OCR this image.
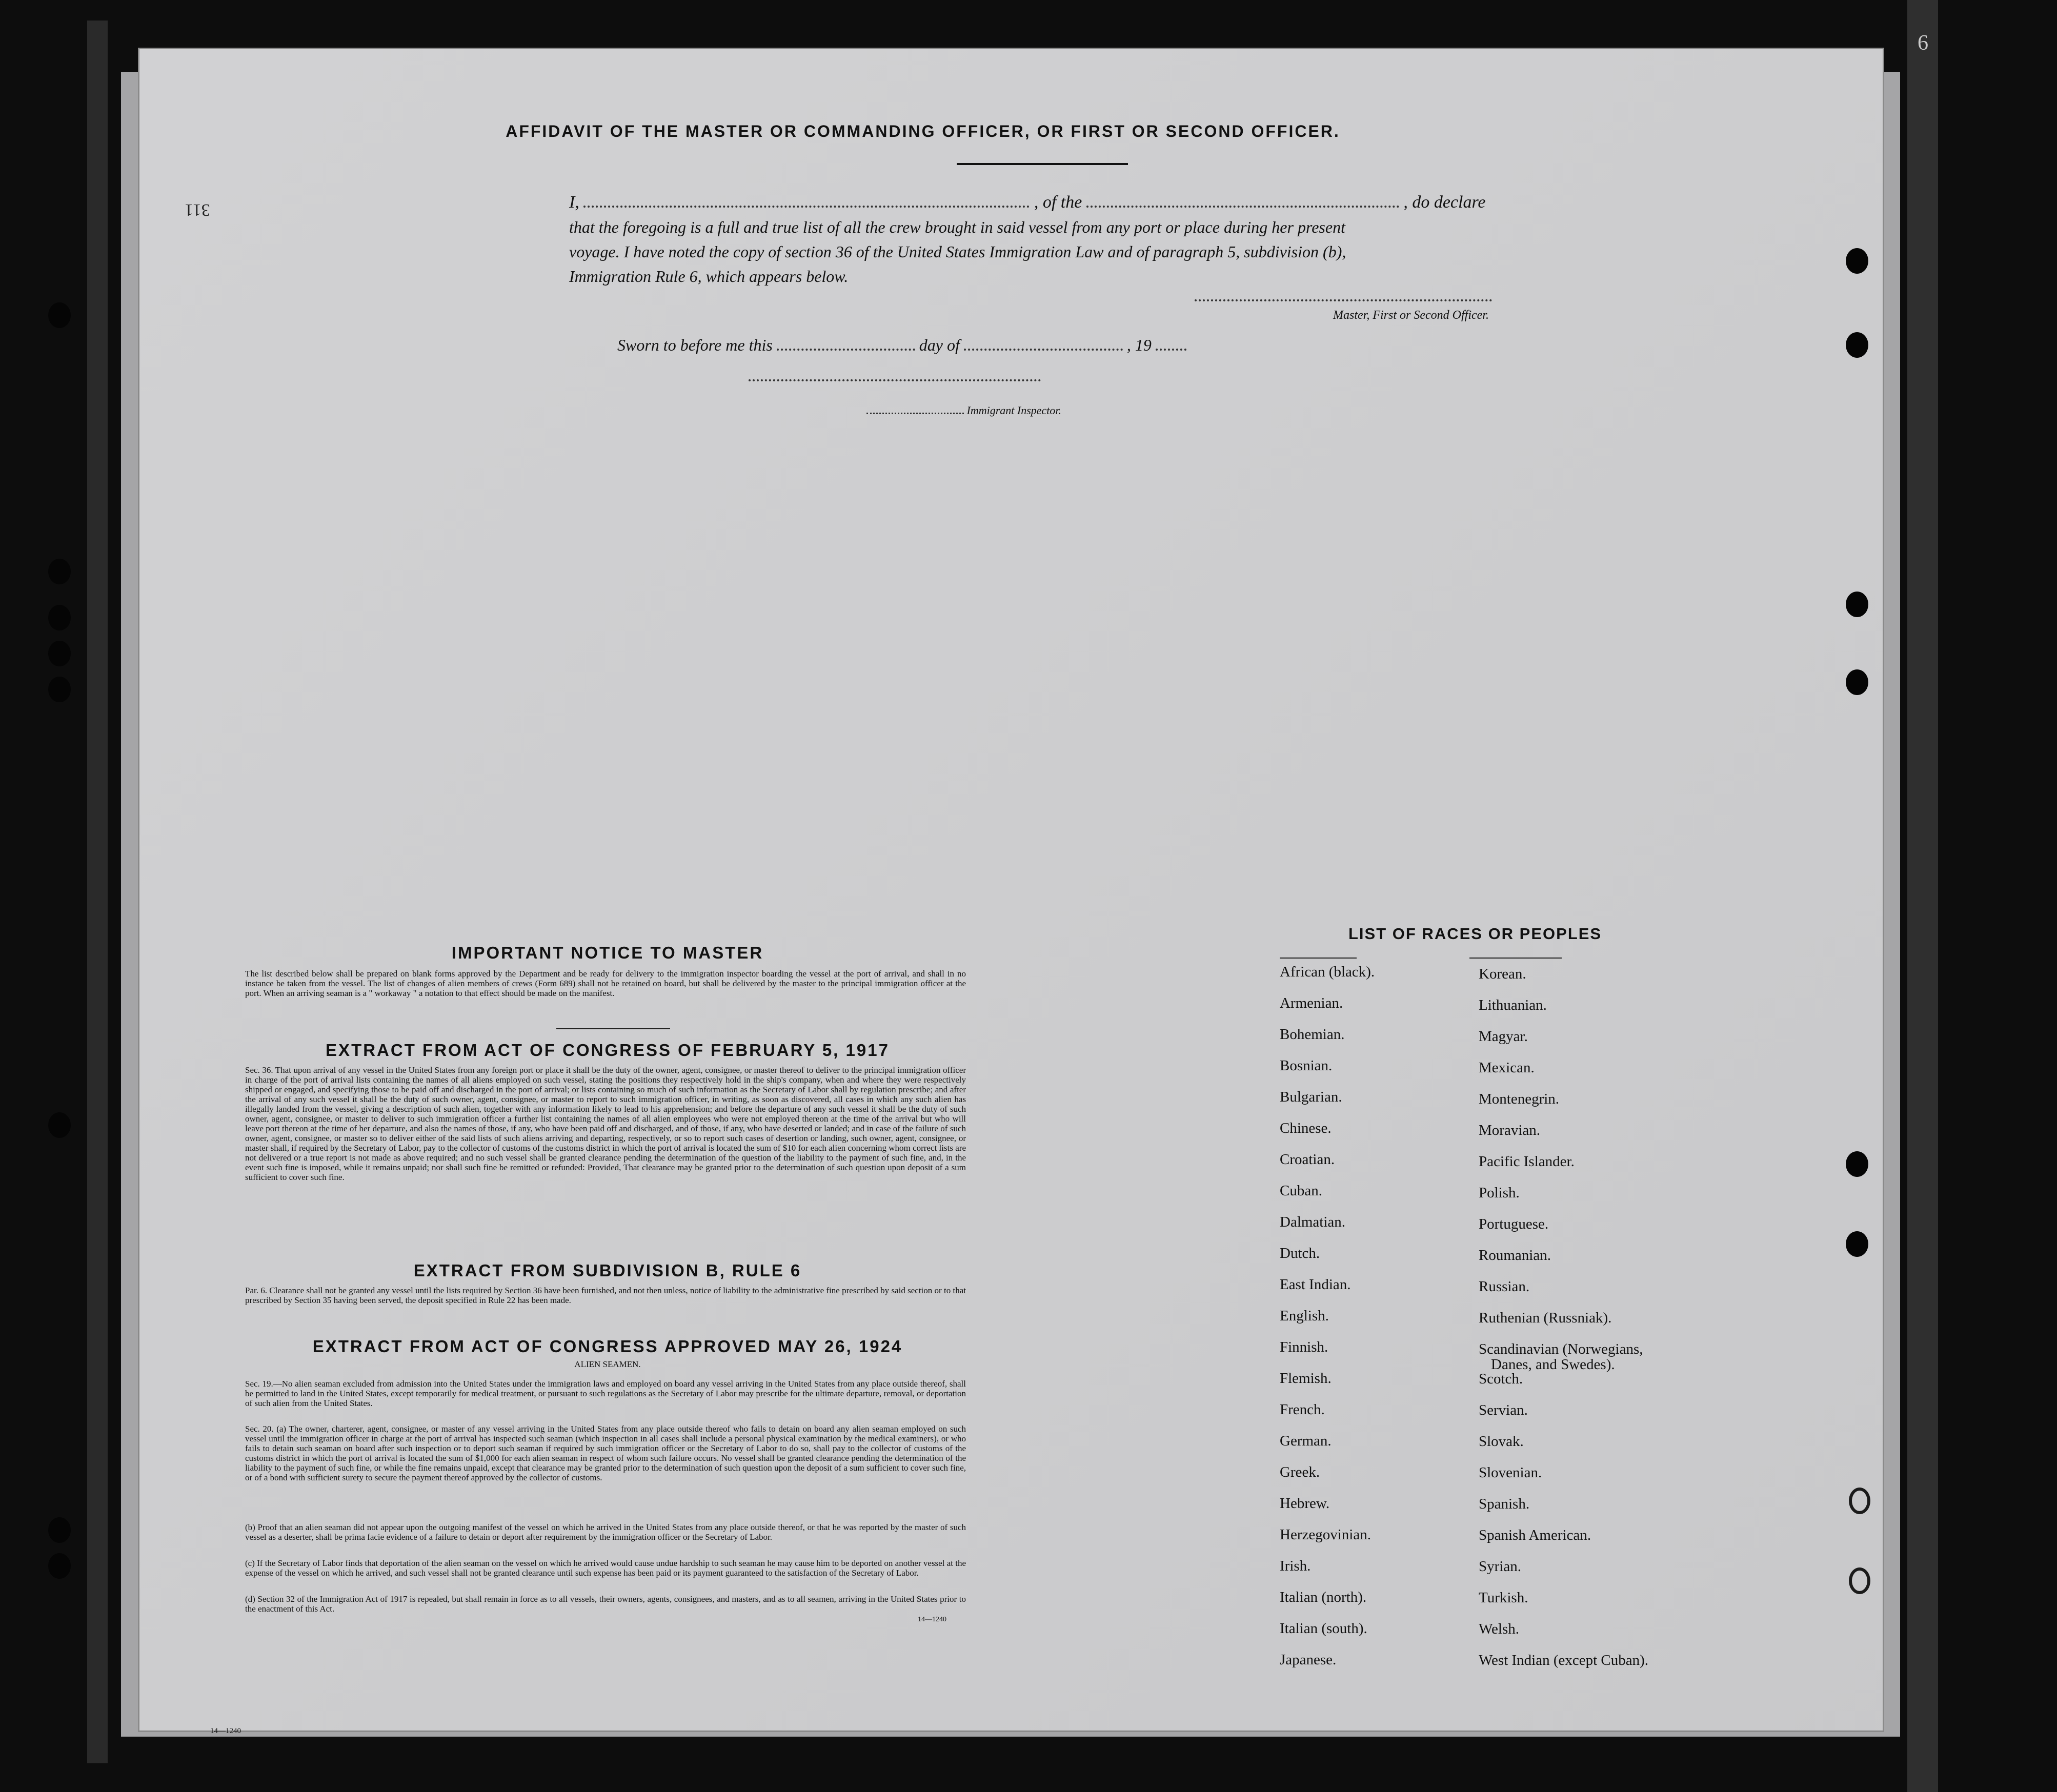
311
6
AFFIDAVIT OF THE MASTER OR COMMANDING OFFICER, OR FIRST OR SECOND OFFICER.
I,	, of the	, do declare
that the foregoing is a full and true list of all the crew brought in said vessel from any port or place during her present
voyage. I have noted the copy of section 36 of the United States Immigration Law and of paragraph 5, subdivision (b),
Immigration Rule 6, which appears below.
Master, First or Second Officer.
Sworn to before me this	day of	, 19
Immigrant Inspector.
IMPORTANT NOTICE TO MASTER
The list described below shall be prepared on blank forms approved by the Department and be ready for delivery to the immigration inspector boarding the vessel at the port of arrival, and shall in no instance be taken from the vessel. The list of changes of alien members of crews (Form 689) shall not be retained on board, but shall be delivered by the master to the principal immigration officer at the port. When an arriving seaman is a " workaway " a notation to that effect should be made on the manifest.
EXTRACT FROM ACT OF CONGRESS OF FEBRUARY 5, 1917
Sec. 36. That upon arrival of any vessel in the United States from any foreign port or place it shall be the duty of the owner, agent, consignee, or master thereof to deliver to the principal immigration officer in charge of the port of arrival lists containing the names of all aliens employed on such vessel, stating the positions they respectively hold in the ship's company, when and where they were respectively shipped or engaged, and specifying those to be paid off and discharged in the port of arrival; or lists containing so much of such information as the Secretary of Labor shall by regulation prescribe; and after the arrival of any such vessel it shall be the duty of such owner, agent, consignee, or master to report to such immigration officer, in writing, as soon as discovered, all cases in which any such alien has illegally landed from the vessel, giving a description of such alien, together with any information likely to lead to his apprehension; and before the departure of any such vessel it shall be the duty of such owner, agent, consignee, or master to deliver to such immigration officer a further list containing the names of all alien employees who were not employed thereon at the time of the arrival but who will leave port thereon at the time of her departure, and also the names of those, if any, who have been paid off and discharged, and of those, if any, who have deserted or landed; and in case of the failure of such owner, agent, consignee, or master so to deliver either of the said lists of such aliens arriving and departing, respectively, or so to report such cases of desertion or landing, such owner, agent, consignee, or master shall, if required by the Secretary of Labor, pay to the collector of customs of the customs district in which the port of arrival is located the sum of $10 for each alien concerning whom correct lists are not delivered or a true report is not made as above required; and no such vessel shall be granted clearance pending the determination of the question of the liability to the payment of such fine, and, in the event such fine is imposed, while it remains unpaid; nor shall such fine be remitted or refunded: Provided, That clearance may be granted prior to the determination of such question upon deposit of a sum sufficient to cover such fine.
EXTRACT FROM SUBDIVISION B, RULE 6
Par. 6. Clearance shall not be granted any vessel until the lists required by Section 36 have been furnished, and not then unless, notice of liability to the administrative fine prescribed by said section or to that prescribed by Section 35 having been served, the deposit specified in Rule 22 has been made.
EXTRACT FROM ACT OF CONGRESS APPROVED MAY 26, 1924
ALIEN SEAMEN.
Sec. 19.—No alien seaman excluded from admission into the United States under the immigration laws and employed on board any vessel arriving in the United States from any place outside thereof, shall be permitted to land in the United States, except temporarily for medical treatment, or pursuant to such regulations as the Secretary of Labor may prescribe for the ultimate departure, removal, or deportation of such alien from the United States.
Sec. 20. (a) The owner, charterer, agent, consignee, or master of any vessel arriving in the United States from any place outside thereof who fails to detain on board any alien seaman employed on such vessel until the immigration officer in charge at the port of arrival has inspected such seaman (which inspection in all cases shall include a personal physical examination by the medical examiners), or who fails to detain such seaman on board after such inspection or to deport such seaman if required by such immigration officer or the Secretary of Labor to do so, shall pay to the collector of customs of the customs district in which the port of arrival is located the sum of $1,000 for each alien seaman in respect of whom such failure occurs. No vessel shall be granted clearance pending the determination of the liability to the payment of such fine, or while the fine remains unpaid, except that clearance may be granted prior to the determination of such question upon the deposit of a sum sufficient to cover such fine, or of a bond with sufficient surety to secure the payment thereof approved by the collector of customs.
(b) Proof that an alien seaman did not appear upon the outgoing manifest of the vessel on which he arrived in the United States from any place outside thereof, or that he was reported by the master of such vessel as a deserter, shall be prima facie evidence of a failure to detain or deport after requirement by the immigration officer or the Secretary of Labor.
(c) If the Secretary of Labor finds that deportation of the alien seaman on the vessel on which he arrived would cause undue hardship to such seaman he may cause him to be deported on another vessel at the expense of the vessel on which he arrived, and such vessel shall not be granted clearance until such expense has been paid or its payment guaranteed to the satisfaction of the Secretary of Labor.
(d) Section 32 of the Immigration Act of 1917 is repealed, but shall remain in force as to all vessels, their owners, agents, consignees, and masters, and as to all seamen, arriving in the United States prior to the enactment of this Act.
14—1240
14—1240
LIST OF RACES OR PEOPLES
African (black).
Armenian.
Bohemian.
Bosnian.
Bulgarian.
Chinese.
Croatian.
Cuban.
Dalmatian.
Dutch.
East Indian.
English.
Finnish.
Flemish.
French.
German.
Greek.
Hebrew.
Herzegovinian.
Irish.
Italian (north).
Italian (south).
Japanese.
Korean.
Lithuanian.
Magyar.
Mexican.
Montenegrin.
Moravian.
Pacific Islander.
Polish.
Portuguese.
Roumanian.
Russian.
Ruthenian (Russniak).
Scandinavian (Norwegians,
Danes, and Swedes).
Scotch.
Servian.
Slovak.
Slovenian.
Spanish.
Spanish American.
Syrian.
Turkish.
Welsh.
West Indian (except Cuban).
